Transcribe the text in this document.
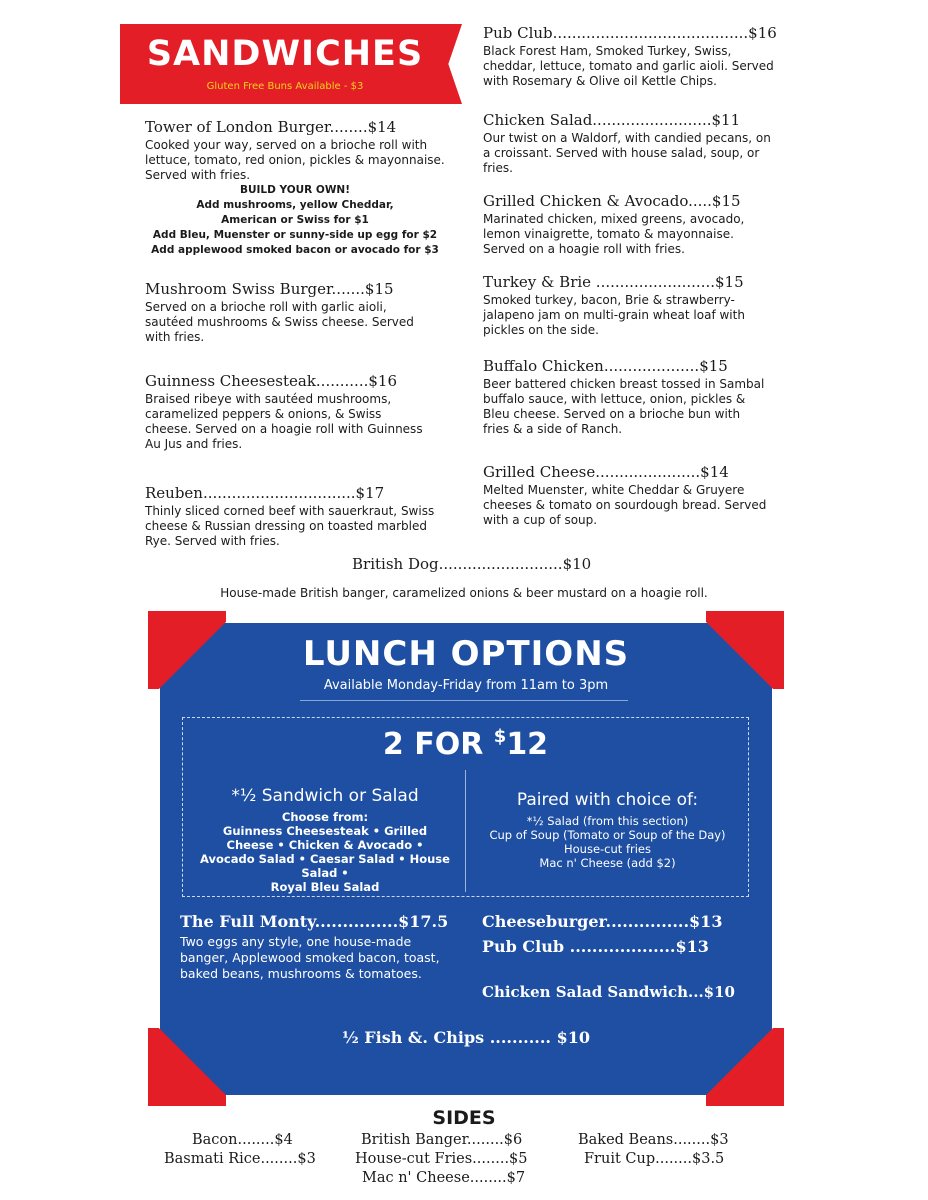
SANDWICHES
Gluten Free Buns Available - $3
Tower of London Burger........$14
Cooked your way, served on a brioche roll with lettuce, tomato, red onion, pickles & mayonnaise. Served with fries.
BUILD YOUR OWN!
Add mushrooms, yellow Cheddar,
American or Swiss for $1
Add Bleu, Muenster or sunny-side up egg for $2
Add applewood smoked bacon or avocado for $3
Mushroom Swiss Burger.......$15
Served on a brioche roll with garlic aioli, sautéed mushrooms & Swiss cheese. Served with fries.
Guinness Cheesesteak...........$16
Braised ribeye with sautéed mushrooms, caramelized peppers & onions, & Swiss cheese. Served on a hoagie roll with Guinness Au Jus and fries.
Reuben................................$17
Thinly sliced corned beef with sauerkraut, Swiss cheese & Russian dressing on toasted marbled Rye. Served with fries.
Pub Club.........................................$16
Black Forest Ham, Smoked Turkey, Swiss, cheddar, lettuce, tomato and garlic aioli. Served with Rosemary & Olive oil Kettle Chips.
Chicken Salad.........................$11
Our twist on a Waldorf, with candied pecans, on a croissant. Served with house salad, soup, or fries.
Grilled Chicken & Avocado.....$15
Marinated chicken, mixed greens, avocado, lemon vinaigrette, tomato & mayonnaise. Served on a hoagie roll with fries.
Turkey & Brie .........................$15
Smoked turkey, bacon, Brie & strawberry-jalapeno jam on multi-grain wheat loaf with pickles on the side.
Buffalo Chicken....................$15
Beer battered chicken breast tossed in Sambal buffalo sauce, with lettuce, onion, pickles & Bleu cheese. Served on a brioche bun with fries & a side of Ranch.
Grilled Cheese......................$14
Melted Muenster, white Cheddar & Gruyere cheeses & tomato on sourdough bread. Served with a cup of soup.
British Dog..........................$10
House-made British banger, caramelized onions & beer mustard on a hoagie roll.
LUNCH OPTIONS
Available Monday-Friday from 11am to 3pm
2 FOR $12
*½ Sandwich or Salad
Choose from:
Guinness Cheesesteak • Grilled
Cheese • Chicken & Avocado •
Avocado Salad • Caesar Salad • House
Salad •
Royal Bleu Salad
Paired with choice of:
*½ Salad (from this section)
Cup of Soup (Tomato or Soup of the Day)
House-cut fries
Mac n' Cheese (add $2)
The Full Monty...............$17.5
Two eggs any style, one house-made banger, Applewood smoked bacon, toast, baked beans, mushrooms & tomatoes.
Cheeseburger...............$13
Pub Club ...................$13
Chicken Salad Sandwich...$10
½ Fish &. Chips ........... $10
SIDES
Bacon........$4	British Banger........$6	Baked Beans........$3
Basmati Rice........$3	House-cut Fries........$5	Fruit Cup........$3.5
Mac n' Cheese........$7
